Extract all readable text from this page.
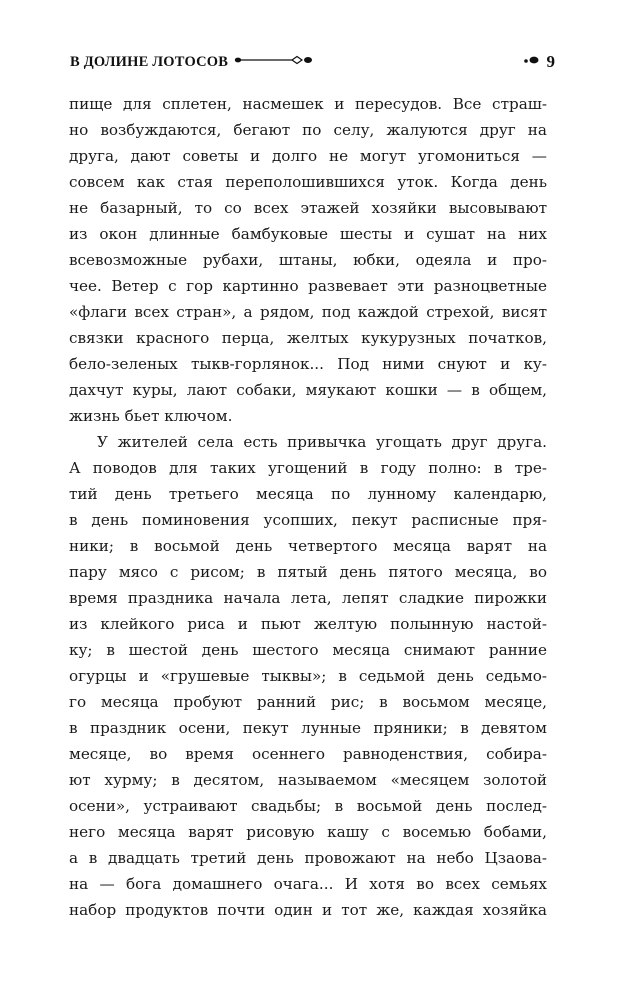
В ДОЛИНЕ ЛОТОСОВ	9
пище для сплетен, насмешек и пересудов. Все страш-
но возбуждаются, бегают по селу, жалуются друг на
друга, дают советы и долго не могут угомониться —
совсем как стая переполошившихся уток. Когда день
не базарный, то со всех этажей хозяйки высовывают
из окон длинные бамбуковые шесты и сушат на них
всевозможные рубахи, штаны, юбки, одеяла и про-
чее. Ветер с гор картинно развевает эти разноцветные
«флаги всех стран», а рядом, под каждой стрехой, висят
связки красного перца, желтых кукурузных початков,
бело-зеленых тыкв-горлянок... Под ними снуют и ку-
дахчут куры, лают собаки, мяукают кошки — в общем,
жизнь бьет ключом.
У жителей села есть привычка угощать друг друга.
А поводов для таких угощений в году полно: в тре-
тий день третьего месяца по лунному календарю,
в день поминовения усопших, пекут расписные пря-
ники; в восьмой день четвертого месяца варят на
пару мясо с рисом; в пятый день пятого месяца, во
время праздника начала лета, лепят сладкие пирожки
из клейкого риса и пьют желтую полынную настой-
ку; в шестой день шестого месяца снимают ранние
огурцы и «грушевые тыквы»; в седьмой день седьмо-
го месяца пробуют ранний рис; в восьмом месяце,
в праздник осени, пекут лунные пряники; в девятом
месяце, во время осеннего равноденствия, собира-
ют хурму; в десятом, называемом «месяцем золотой
осени», устраивают свадьбы; в восьмой день послед-
него месяца варят рисовую кашу с восемью бобами,
а в двадцать третий день провожают на небо Цзаова-
на — бога домашнего очага... И хотя во всех семьях
набор продуктов почти один и тот же, каждая хозяйка
